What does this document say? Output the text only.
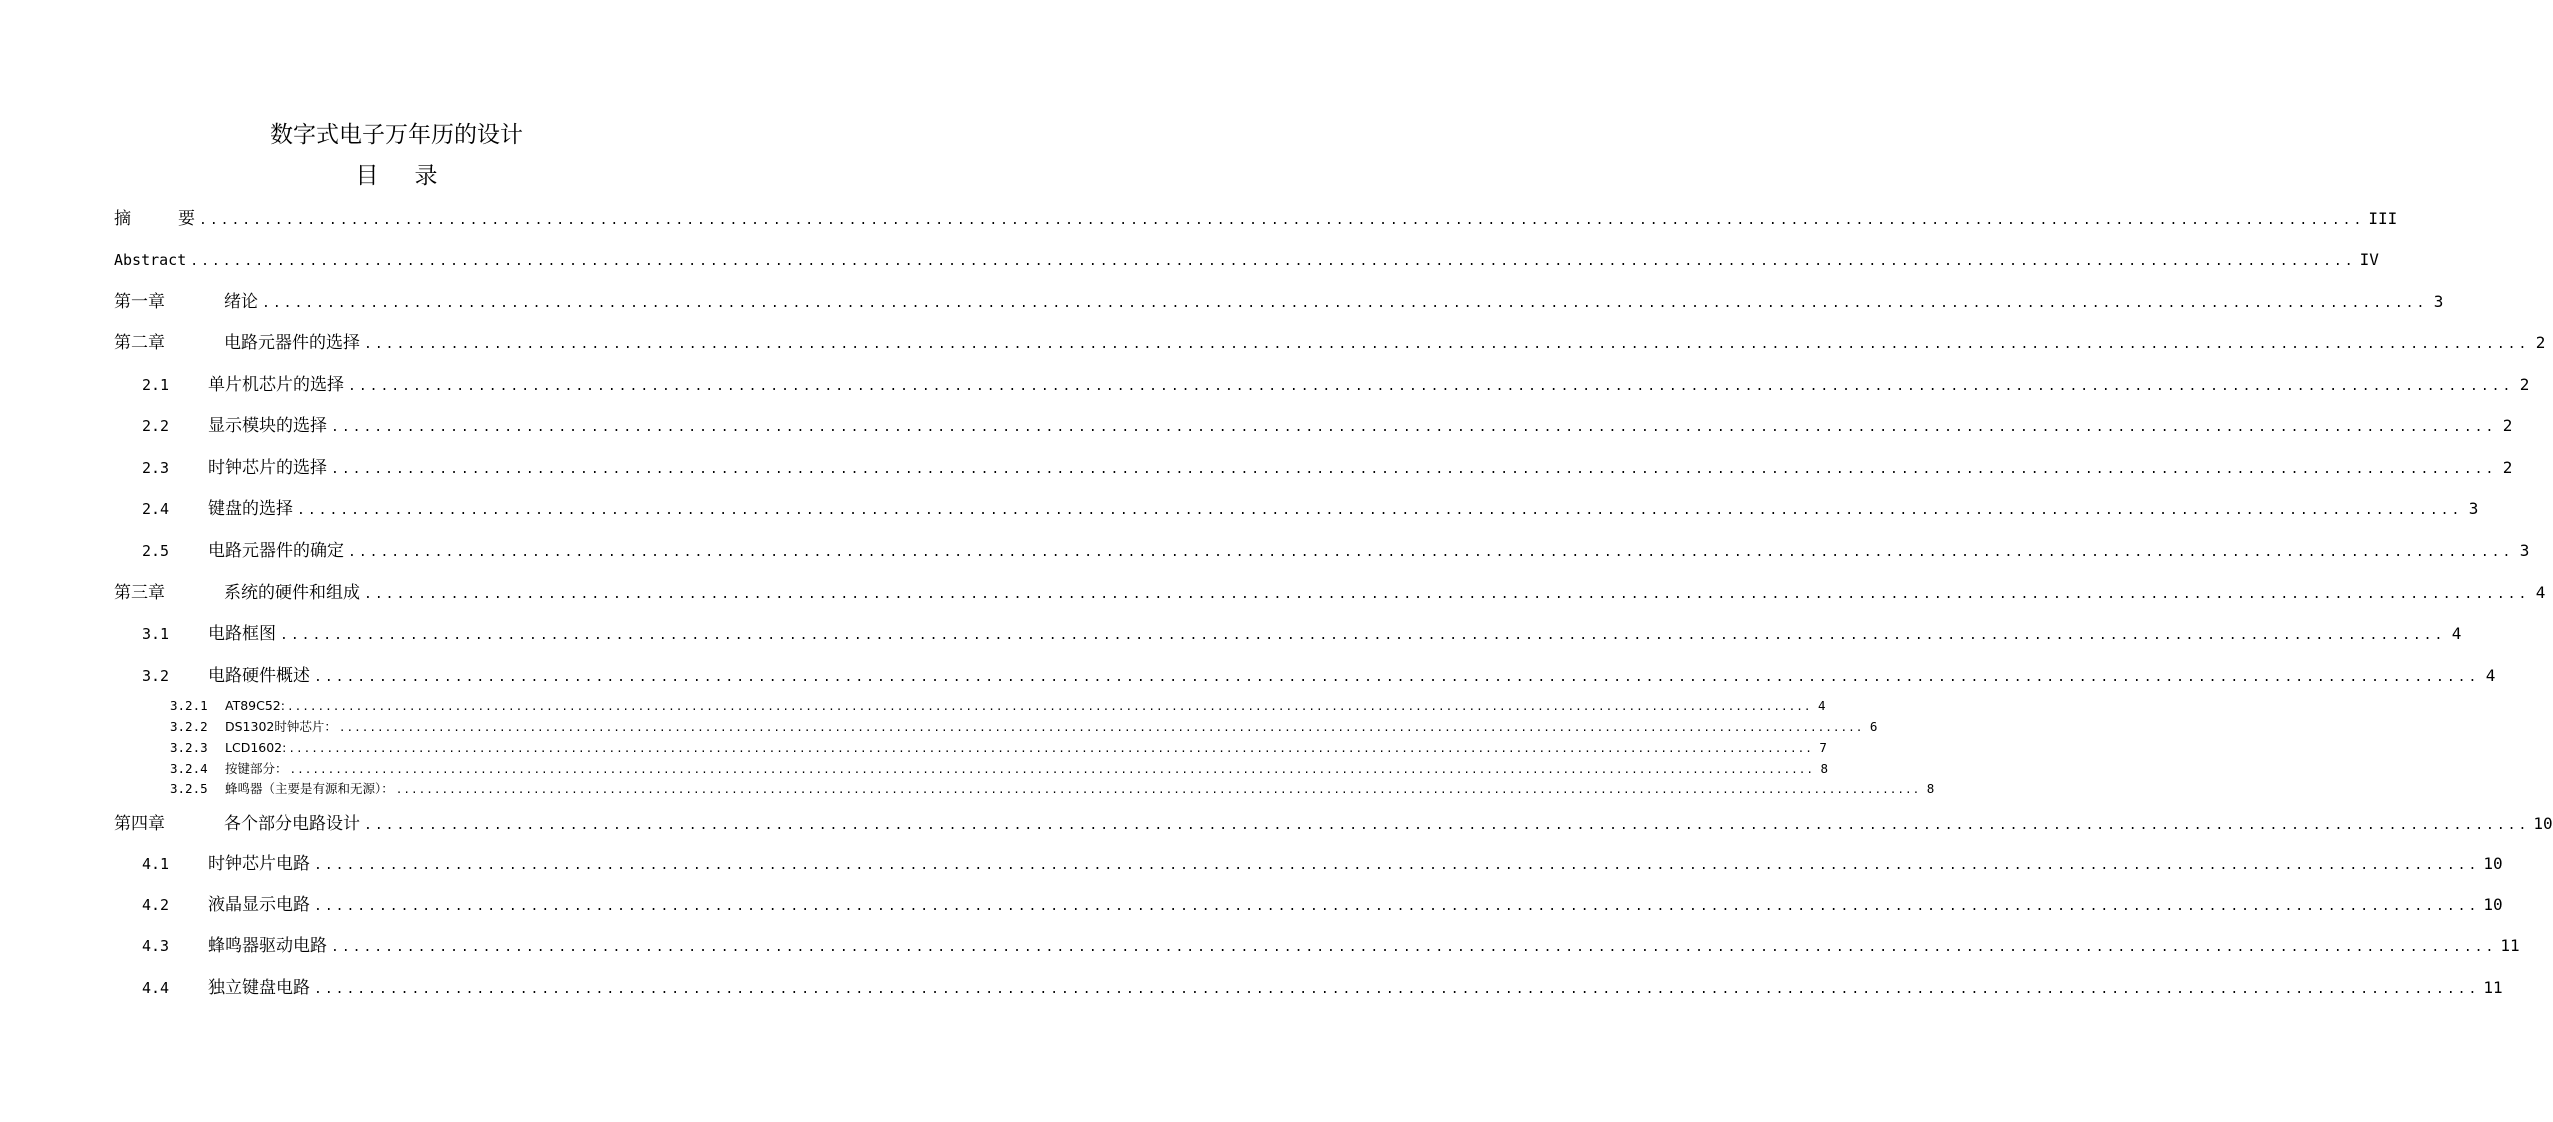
数字式电子万年历的设计
目 录
摘	要 ........................................................................................................................................................................................................ III
Abstract ........................................................................................................................................................................................................ IV
第一章	绪论 ........................................................................................................................................................................................................ 3
第二章	电路元器件的选择 ........................................................................................................................................................................................................ 2
2.1	单片机芯片的选择 ........................................................................................................................................................................................................ 2
2.2	显示模块的选择 ........................................................................................................................................................................................................ 2
2.3	时钟芯片的选择 ........................................................................................................................................................................................................ 2
2.4	键盘的选择 ........................................................................................................................................................................................................ 3
2.5	电路元器件的确定 ........................................................................................................................................................................................................ 3
第三章	系统的硬件和组成 ........................................................................................................................................................................................................ 4
3.1	电路框图 ........................................................................................................................................................................................................ 4
3.2	电路硬件概述 ........................................................................................................................................................................................................ 4
3.2.1	AT89C52: ........................................................................................................................................................................................................ 4
3.2.2	DS1302时钟芯片： ........................................................................................................................................................................................................ 6
3.2.3	LCD1602: ........................................................................................................................................................................................................ 7
3.2.4	按键部分： ........................................................................................................................................................................................................ 8
3.2.5	蜂鸣器（主要是有源和无源）： ........................................................................................................................................................................................................ 8
第四章	各个部分电路设计 ........................................................................................................................................................................................................ 10
4.1	时钟芯片电路 ........................................................................................................................................................................................................ 10
4.2	液晶显示电路 ........................................................................................................................................................................................................ 10
4.3	蜂鸣器驱动电路 ........................................................................................................................................................................................................ 11
4.4	独立键盘电路 ........................................................................................................................................................................................................ 11
